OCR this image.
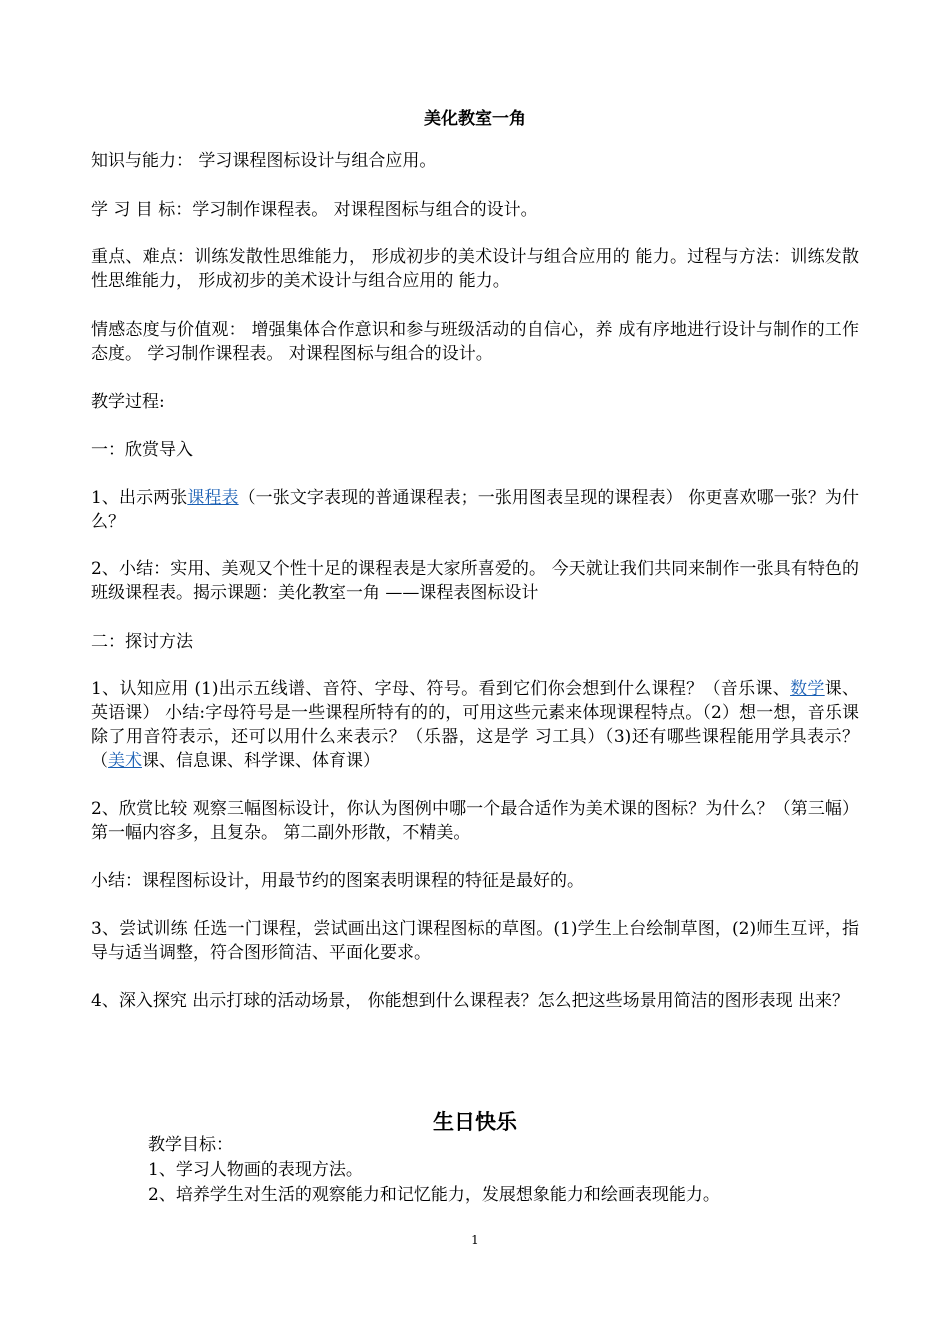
美化教室一角
知识与能力： 学习课程图标设计与组合应用。
学 习 目 标：学习制作课程表。 对课程图标与组合的设计。
重点、难点：训练发散性思维能力， 形成初步的美术设计与组合应用的 能力。过程与方法：训练发散性思维能力， 形成初步的美术设计与组合应用的 能力。
情感态度与价值观： 增强集体合作意识和参与班级活动的自信心，养 成有序地进行设计与制作的工作态度。 学习制作课程表。 对课程图标与组合的设计。
教学过程:
一：欣赏导入
1、出示两张课程表（一张文字表现的普通课程表；一张用图表呈现的课程表） 你更喜欢哪一张？为什么？
2、小结：实用、美观又个性十足的课程表是大家所喜爱的。 今天就让我们共同来制作一张具有特色的班级课程表。揭示课题：美化教室一角 ——课程表图标设计
二：探讨方法
1、认知应用 (1)出示五线谱、音符、字母、符号。看到它们你会想到什么课程？（音乐课、数学课、英语课） 小结:字母符号是一些课程所特有的的，可用这些元素来体现课程特点。（2）想一想，音乐课除了用音符表示，还可以用什么来表示？（乐器，这是学 习工具）（3)还有哪些课程能用学具表示？（美术课、信息课、科学课、体育课）
2、欣赏比较 观察三幅图标设计，你认为图例中哪一个最合适作为美术课的图标？为什么？（第三幅） 第一幅内容多，且复杂。 第二副外形散，不精美。
小结：课程图标设计，用最节约的图案表明课程的特征是最好的。
3、尝试训练 任选一门课程，尝试画出这门课程图标的草图。(1)学生上台绘制草图，(2)师生互评，指导与适当调整，符合图形简洁、平面化要求。
4、深入探究 出示打球的活动场景， 你能想到什么课程表？怎么把这些场景用简洁的图形表现 出来？
生日快乐
教学目标：
1、学习人物画的表现方法。
2、培养学生对生活的观察能力和记忆能力，发展想象能力和绘画表现能力。
1
